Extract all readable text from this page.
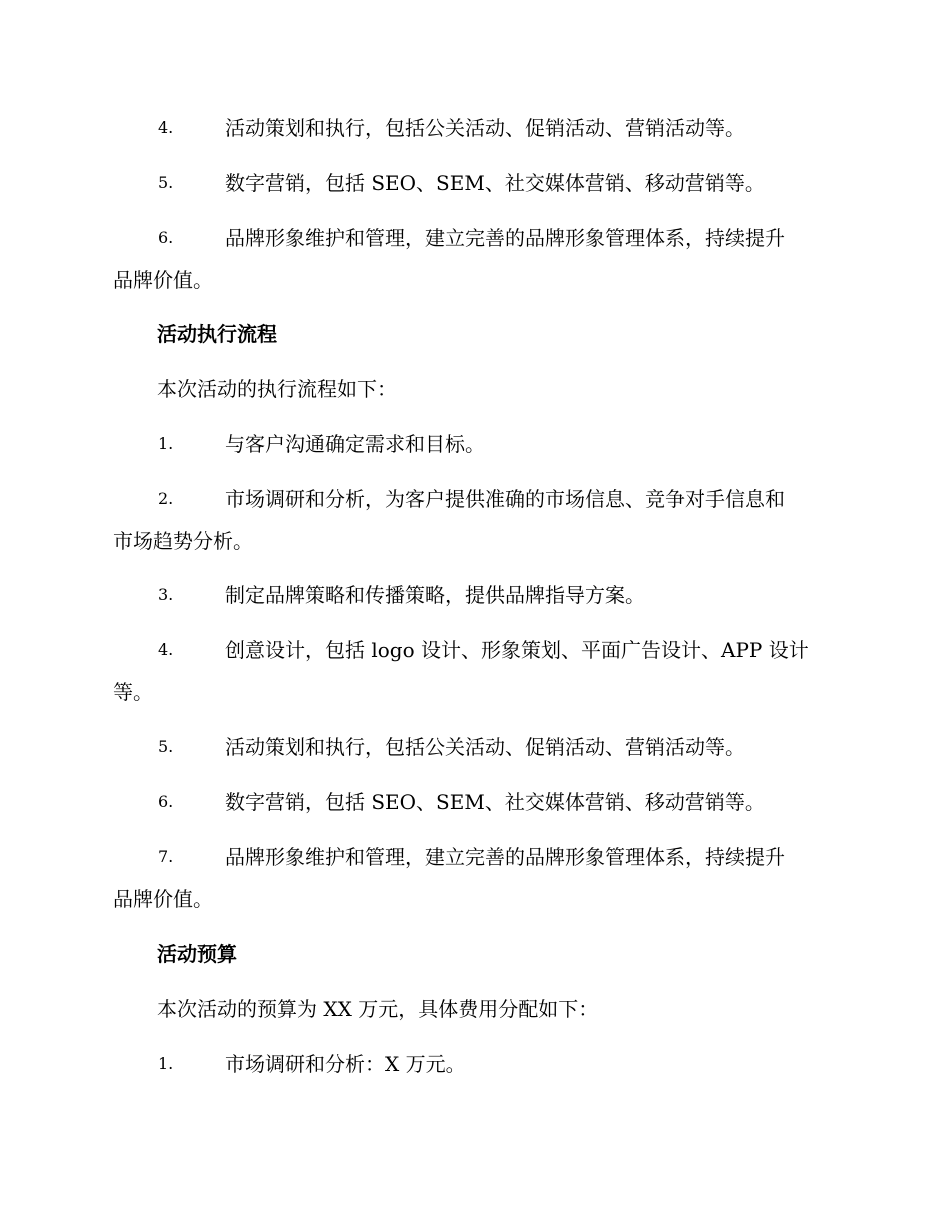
4.	活动策划和执行，包括公关活动、促销活动、营销活动等。
5.	数字营销，包括 SEO、SEM、社交媒体营销、移动营销等。
6.	品牌形象维护和管理，建立完善的品牌形象管理体系，持续提升
品牌价值。
活动执行流程
本次活动的执行流程如下：
1.	与客户沟通确定需求和目标。
2.	市场调研和分析，为客户提供准确的市场信息、竞争对手信息和
市场趋势分析。
3.	制定品牌策略和传播策略，提供品牌指导方案。
4.	创意设计，包括 logo 设计、形象策划、平面广告设计、APP 设计
等。
5.	活动策划和执行，包括公关活动、促销活动、营销活动等。
6.	数字营销，包括 SEO、SEM、社交媒体营销、移动营销等。
7.	品牌形象维护和管理，建立完善的品牌形象管理体系，持续提升
品牌价值。
活动预算
本次活动的预算为 XX 万元，具体费用分配如下：
1.	市场调研和分析：X 万元。
